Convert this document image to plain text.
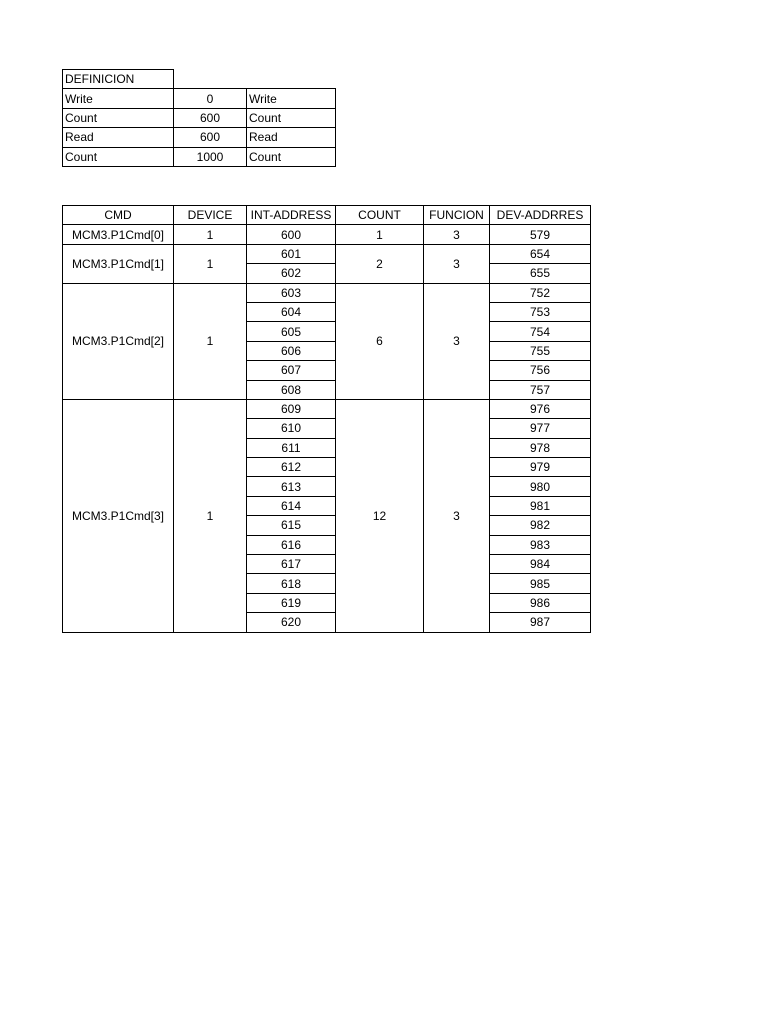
DEFINICION		
Write	0	Write
Count	600	Count
Read	600	Read
Count	1000	Count
CMD	DEVICE	INT-ADDRESS	COUNT	FUNCION	DEV-ADDRRES
MCM3.P1Cmd[0]	1	600	1	3	579
MCM3.P1Cmd[1]	1	601	2	3	654
		602			655
MCM3.P1Cmd[2]	1	603	6	3	752
		604			753
		605			754
		606			755
		607			756
		608			757
MCM3.P1Cmd[3]	1	609	12	3	976
		610			977
		611			978
		612			979
		613			980
		614			981
		615			982
		616			983
		617			984
		618			985
		619			986
		620			987
